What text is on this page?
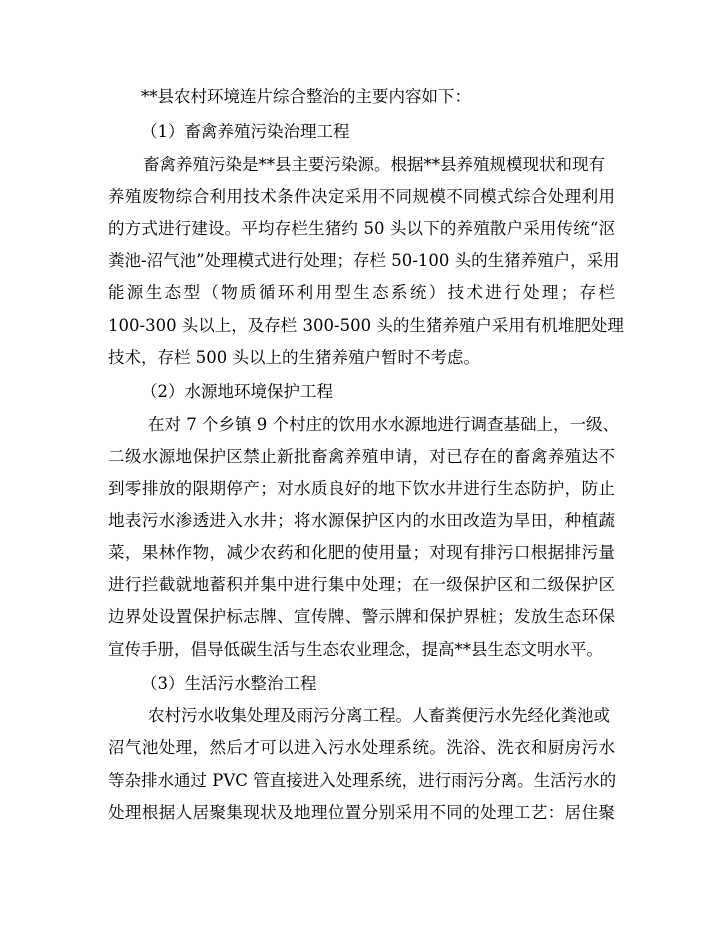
**县农村环境连片综合整治的主要内容如下：
（1）畜禽养殖污染治理工程
畜禽养殖污染是**县主要污染源。根据**县养殖规模现状和现有
养殖废物综合利用技术条件决定采用不同规模不同模式综合处理利用
的方式进行建设。平均存栏生猪约 50 头以下的养殖散户采用传统“沤
粪池-沼气池”处理模式进行处理；存栏 50-100 头的生猪养殖户，采用
能源生态型（物质循环利用型生态系统）技术进行处理；存栏
100-300 头以上，及存栏 300-500 头的生猪养殖户采用有机堆肥处理
技术，存栏 500 头以上的生猪养殖户暂时不考虑。
（2）水源地环境保护工程
在对 7 个乡镇 9 个村庄的饮用水水源地进行调查基础上，一级、
二级水源地保护区禁止新批畜禽养殖申请，对已存在的畜禽养殖达不
到零排放的限期停产；对水质良好的地下饮水井进行生态防护，防止
地表污水渗透进入水井；将水源保护区内的水田改造为旱田，种植蔬
菜，果林作物，减少农药和化肥的使用量；对现有排污口根据排污量
进行拦截就地蓄积并集中进行集中处理；在一级保护区和二级保护区
边界处设置保护标志牌、宣传牌、警示牌和保护界桩；发放生态环保
宣传手册，倡导低碳生活与生态农业理念，提高**县生态文明水平。
（3）生活污水整治工程
农村污水收集处理及雨污分离工程。人畜粪便污水先经化粪池或
沼气池处理，然后才可以进入污水处理系统。洗浴、洗衣和厨房污水
等杂排水通过 PVC 管直接进入处理系统，进行雨污分离。生活污水的
处理根据人居聚集现状及地理位置分别采用不同的处理工艺：居住聚
